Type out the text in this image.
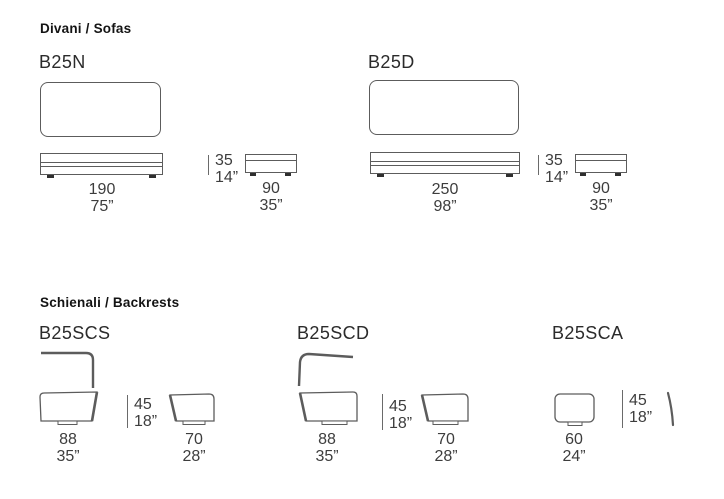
Divani / Sofas
B25N
190
75”
35
14”
90
35”
B25D
250
98”
35
14”
90
35”
Schienali / Backrests
B25SCS
88
35”
45
18”
70
28”
B25SCD
88
35”
45
18”
70
28”
B25SCA
60
24”
45
18”
